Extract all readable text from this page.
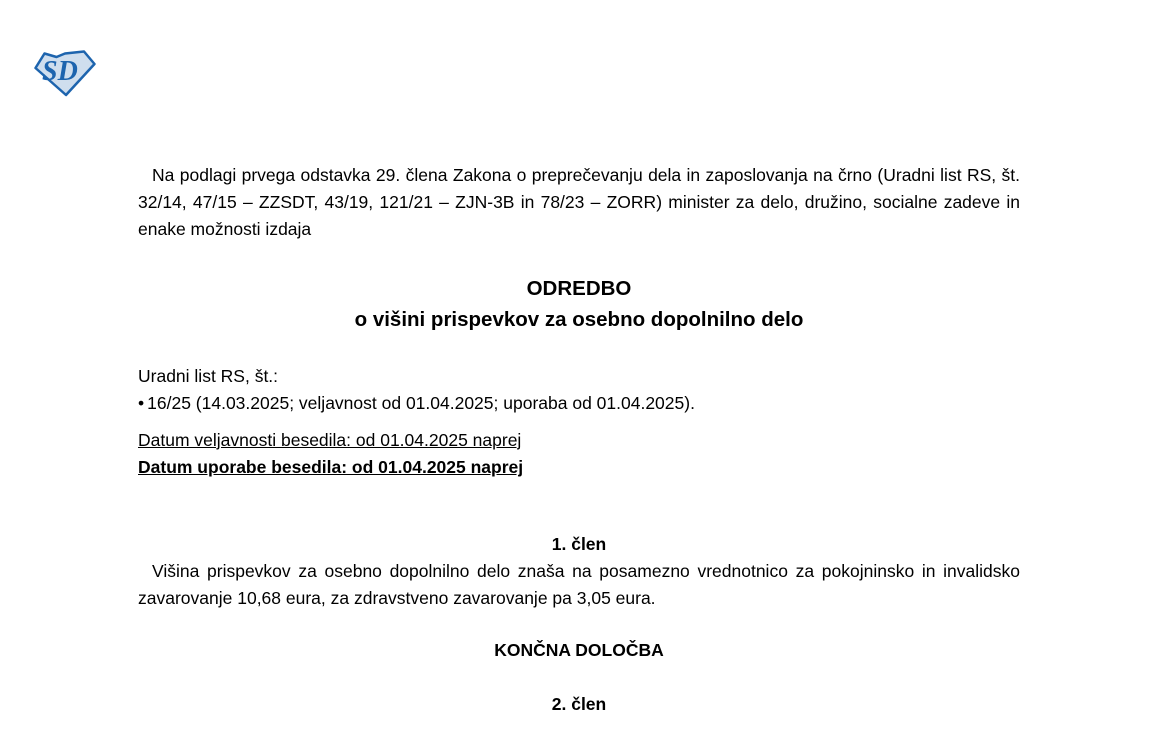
SD

Na podlagi prvega odstavka 29. člena Zakona o preprečevanju dela in zaposlovanja na črno (Uradni list RS, št. 32/14, 47/15 – ZZSDT, 43/19, 121/21 – ZJN-3B in 78/23 – ZORR) minister za delo, družino, socialne zadeve in enake možnosti izdaja

ODREDBO

o višini prispevkov za osebno dopolnilno delo

Uradni list RS, št.:

• 16/25 (14.03.2025; veljavnost od 01.04.2025; uporaba od 01.04.2025).

Datum veljavnosti besedila: od 01.04.2025 naprej
Datum uporabe besedila: od 01.04.2025 naprej

1. člen

Višina prispevkov za osebno dopolnilno delo znaša na posamezno vrednotnico za pokojninsko in invalidsko zavarovanje 10,68 eura, za zdravstveno zavarovanje pa 3,05 eura.

KONČNA DOLOČBA

2. člen
